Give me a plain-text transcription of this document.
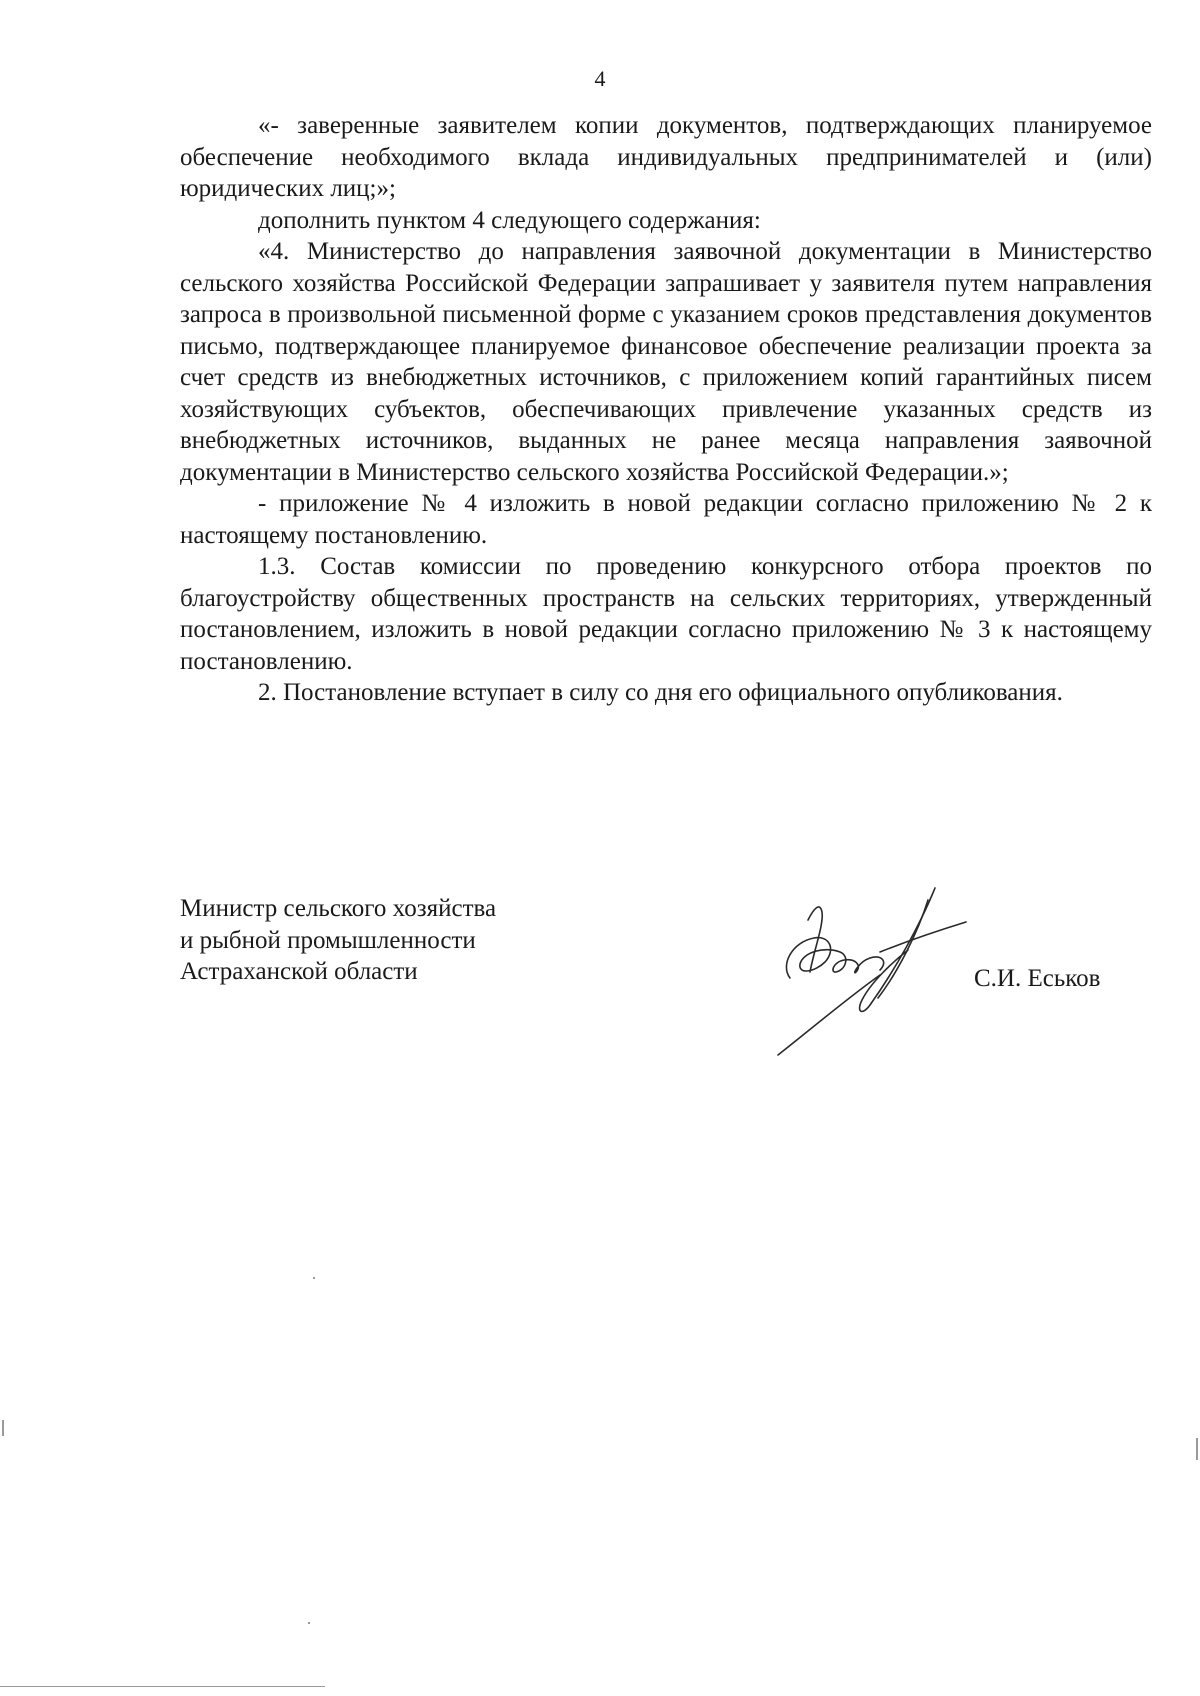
4

«- заверенные заявителем копии документов, подтверждающих планируемое обеспечение необходимого вклада индивидуальных предпринимателей и (или) юридических лиц;»;

дополнить пунктом 4 следующего содержания:

«4. Министерство до направления заявочной документации в Министерство сельского хозяйства Российской Федерации запрашивает у заявителя путем направления запроса в произвольной письменной форме с указанием сроков представления документов письмо, подтверждающее планируемое финансовое обеспечение реализации проекта за счет средств из внебюджетных источников, с приложением копий гарантийных писем хозяйствующих субъектов, обеспечивающих привлечение указанных средств из внебюджетных источников, выданных не ранее месяца направления заявочной документации в Министерство сельского хозяйства Российской Федерации.»;

- приложение № 4 изложить в новой редакции согласно приложению № 2 к настоящему постановлению.

1.3. Состав комиссии по проведению конкурсного отбора проектов по благоустройству общественных пространств на сельских территориях, утвержденный постановлением, изложить в новой редакции согласно приложению № 3 к настоящему постановлению.

2. Постановление вступает в силу со дня его официального опубликования.

Министр сельского хозяйства
и рыбной промышленности
Астраханской области	С.И. Еськов
